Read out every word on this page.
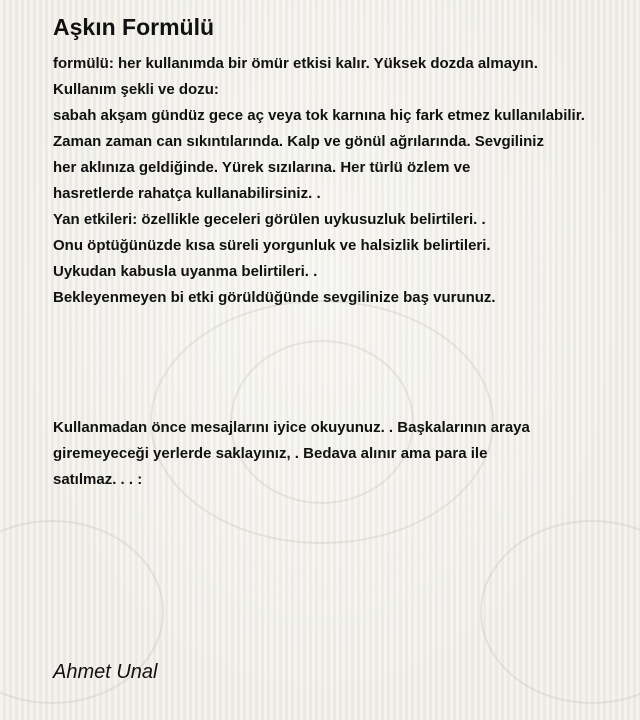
Aşkın Formülü
formülü: her kullanımda bir ömür etkisi kalır. Yüksek dozda almayın.
Kullanım şekli ve dozu:
sabah akşam gündüz gece aç veya tok karnına hiç fark etmez kullanılabilir.
Zaman zaman can sıkıntılarında. Kalp ve gönül ağrılarında. Sevgiliniz
her aklınıza geldiğinde. Yürek sızılarına. Her türlü özlem ve
hasretlerde rahatça kullanabilirsiniz. .
Yan etkileri: özellikle geceleri görülen uykusuzluk belirtileri. .
Onu öptüğünüzde kısa süreli yorgunluk ve halsizlik belirtileri.
Uykudan kabusla uyanma belirtileri. .
Bekleyenmeyen bi etki görüldüğünde sevgilinize baş vurunuz.
Kullanmadan önce mesajlarını iyice okuyunuz. . Başkalarının araya
giremeyeceği yerlerde saklayınız, . Bedava alınır ama para ile
satılmaz. . . :
Ahmet Unal
